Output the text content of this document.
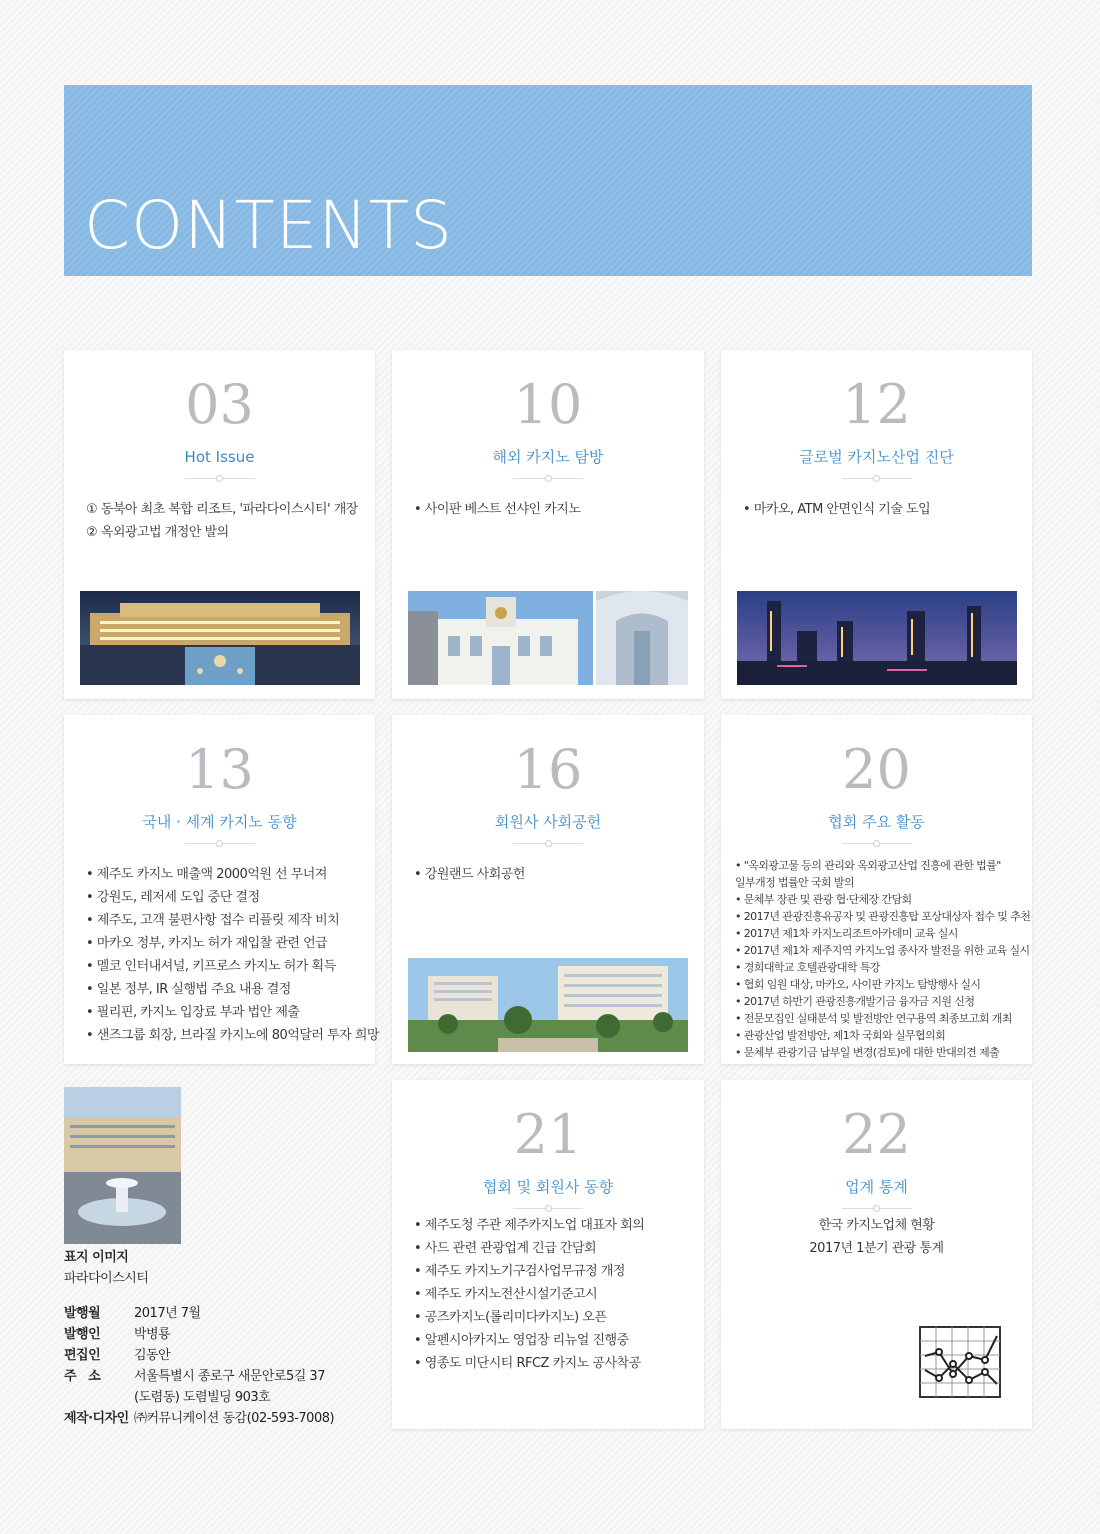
CONTENTS
03
Hot Issue
① 동북아 최초 복합 리조트, '파라다이스시티' 개장
② 옥외광고법 개정안 발의
10
해외 카지노 탐방
• 사이판 베스트 선샤인 카지노
12
글로벌 카지노산업 진단
• 마카오, ATM 안면인식 기술 도입
13
국내 · 세계 카지노 동향
• 제주도 카지노 매출액 2000억원 선 무너져
• 강원도, 레저세 도입 중단 결정
• 제주도, 고객 불편사항 접수 리플릿 제작 비치
• 마카오 정부, 카지노 허가 재입찰 관련 언급
• 멜코 인터내셔널, 키프로스 카지노 허가 획득
• 일본 정부, IR 실행법 주요 내용 결정
• 필리핀, 카지노 입장료 부과 법안 제출
• 샌즈그룹 회장, 브라질 카지노에 80억달러 투자 희망
16
회원사 사회공헌
• 강원랜드 사회공헌
20
협회 주요 활동
• "옥외광고물 등의 관리와 옥외광고산업 진흥에 관한 법률"
일부개정 법률안 국회 발의
• 문체부 장관 및 관광 협·단체장 간담회
• 2017년 관광진흥유공자 및 관광진흥탑 포상대상자 접수 및 추천
• 2017년 제1차 카지노리조트아카데미 교육 실시
• 2017년 제1차 제주지역 카지노업 종사자 발전을 위한 교육 실시
• 경희대학교 호텔관광대학 특강
• 협회 임원 대상, 마카오, 사이판 카지노 탐방행사 실시
• 2017년 하반기 관광진흥개발기금 융자금 지원 신청
• 전문모집인 실태분석 및 발전방안 연구용역 최종보고회 개최
• 관광산업 발전방안, 제1차 국회와 실무협의회
• 문체부 관광기금 납부일 변경(검토)에 대한 반대의견 제출
표지 이미지
파라다이스시티
발행월	2017년 7월
발행인	박병룡
편집인	김동안
주   소	서울특별시 종로구 새문안로5길 37
(도렴동) 도렴빌딩 903호
제작·디자인 ㈜커뮤니케이션 동감(02-593-7008)
21
협회 및 회원사 동향
• 제주도청 주관 제주카지노업 대표자 회의
• 사드 관련 관광업계 긴급 간담회
• 제주도 카지노기구검사업무규정 개정
• 제주도 카지노전산시설기준고시
• 공즈카지노(롤리미다카지노) 오픈
• 알펜시아카지노 영업장 리뉴얼 진행중
• 영종도 미단시티 RFCZ 카지노 공사착공
22
업계 통계
한국 카지노업체 현황
2017년 1분기 관광 통계
